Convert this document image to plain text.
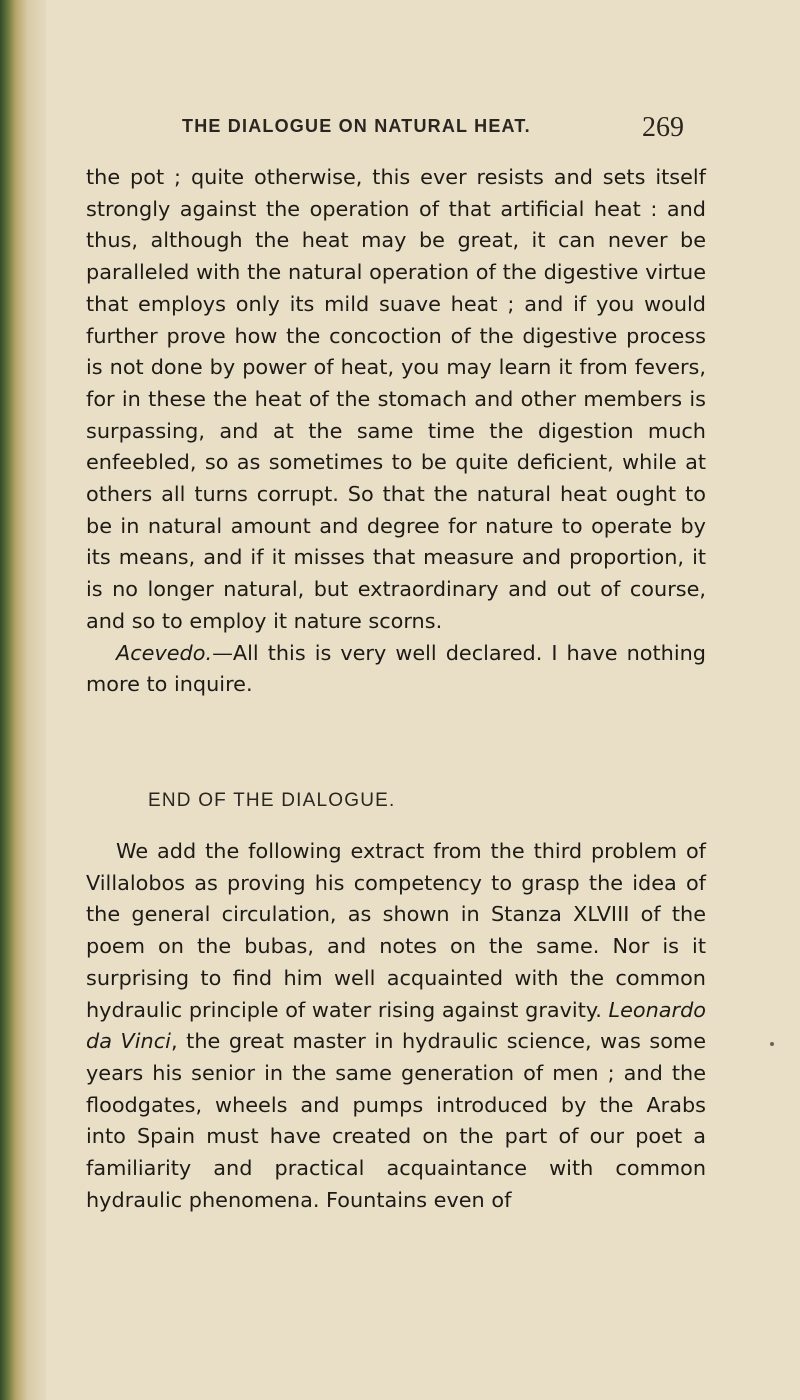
THE DIALOGUE ON NATURAL HEAT.	269

the pot ; quite otherwise, this ever resists and sets itself strongly against the operation of that artificial heat : and thus, although the heat may be great, it can never be paralleled with the natural operation of the digestive virtue that employs only its mild suave heat ; and if you would further prove how the concoction of the digestive process is not done by power of heat, you may learn it from fevers, for in these the heat of the stomach and other members is surpassing, and at the same time the digestion much enfeebled, so as sometimes to be quite deficient, while at others all turns corrupt. So that the natural heat ought to be in natural amount and degree for nature to operate by its means, and if it misses that measure and proportion, it is no longer natural, but extraordinary and out of course, and so to employ it nature scorns.

Acevedo.—All this is very well declared. I have nothing more to inquire.

END OF THE DIALOGUE.

We add the following extract from the third problem of Villalobos as proving his competency to grasp the idea of the general circulation, as shown in Stanza XLVIII of the poem on the bubas, and notes on the same. Nor is it surprising to find him well acquainted with the common hydraulic principle of water rising against gravity. Leonardo da Vinci, the great master in hydraulic science, was some years his senior in the same generation of men ; and the floodgates, wheels and pumps introduced by the Arabs into Spain must have created on the part of our poet a familiarity and practical acquaintance with common hydraulic phenomena. Fountains even of
